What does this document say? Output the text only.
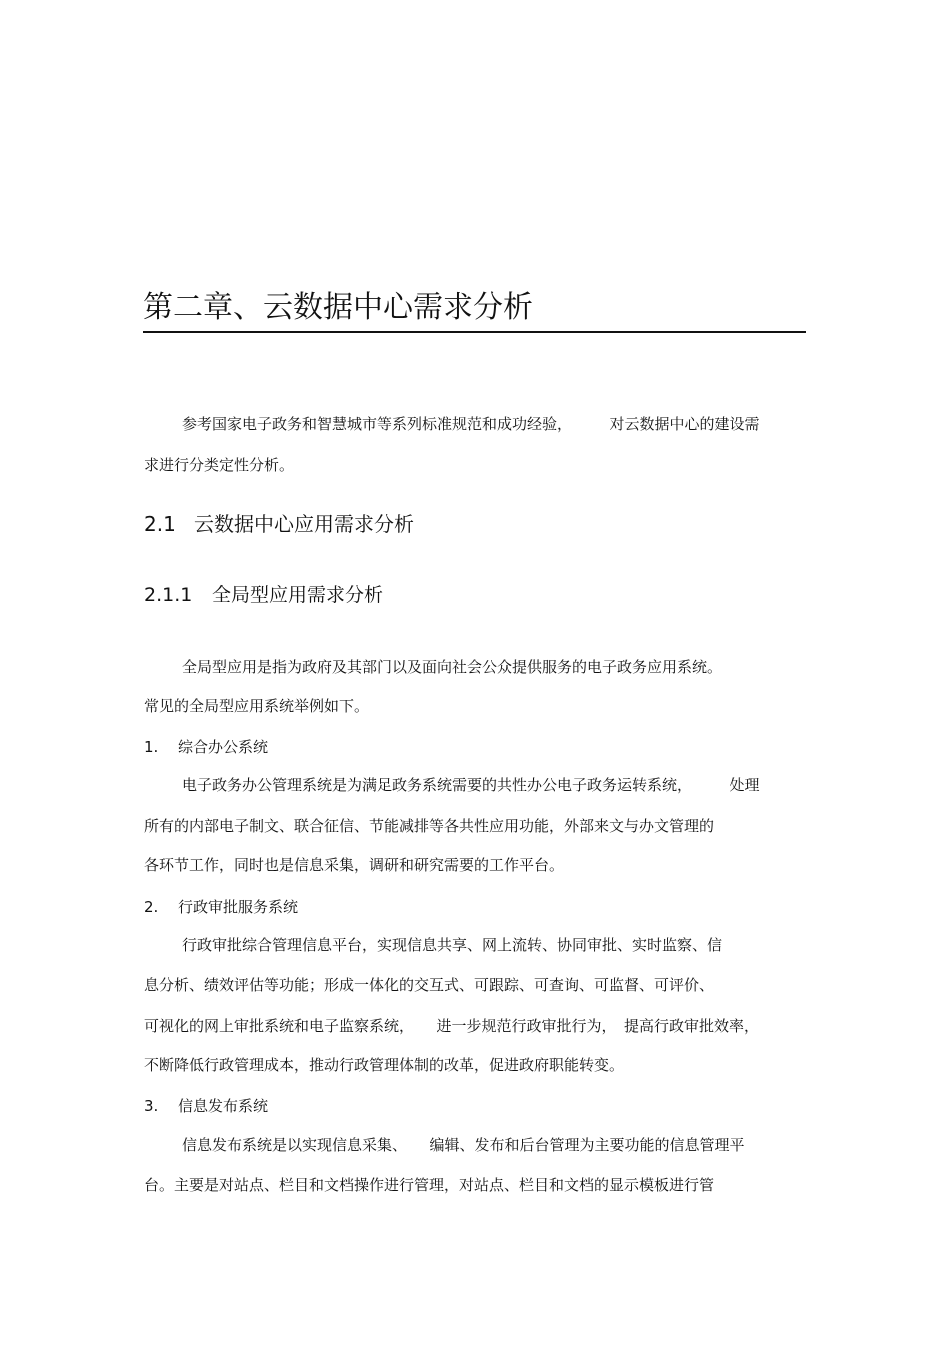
第二章、云数据中心需求分析
参考国家电子政务和智慧城市等系列标准规范和成功经验，　　　对云数据中心的建设需
求进行分类定性分析。
2.1 云数据中心应用需求分析
2.1.1 全局型应用需求分析
全局型应用是指为政府及其部门以及面向社会公众提供服务的电子政务应用系统。
常见的全局型应用系统举例如下。
1. 综合办公系统
电子政务办公管理系统是为满足政务系统需要的共性办公电子政务运转系统，　　　处理
所有的内部电子制文、联合征信、节能减排等各共性应用功能，外部来文与办文管理的
各环节工作，同时也是信息采集，调研和研究需要的工作平台。
2. 行政审批服务系统
行政审批综合管理信息平台，实现信息共享、网上流转、协同审批、实时监察、信
息分析、绩效评估等功能；形成一体化的交互式、可跟踪、可查询、可监督、可评价、
可视化的网上审批系统和电子监察系统，　　进一步规范行政审批行为，　提高行政审批效率，
不断降低行政管理成本，推动行政管理体制的改革，促进政府职能转变。
3. 信息发布系统
信息发布系统是以实现信息采集、　　编辑、发布和后台管理为主要功能的信息管理平
台。主要是对站点、栏目和文档操作进行管理，对站点、栏目和文档的显示模板进行管
